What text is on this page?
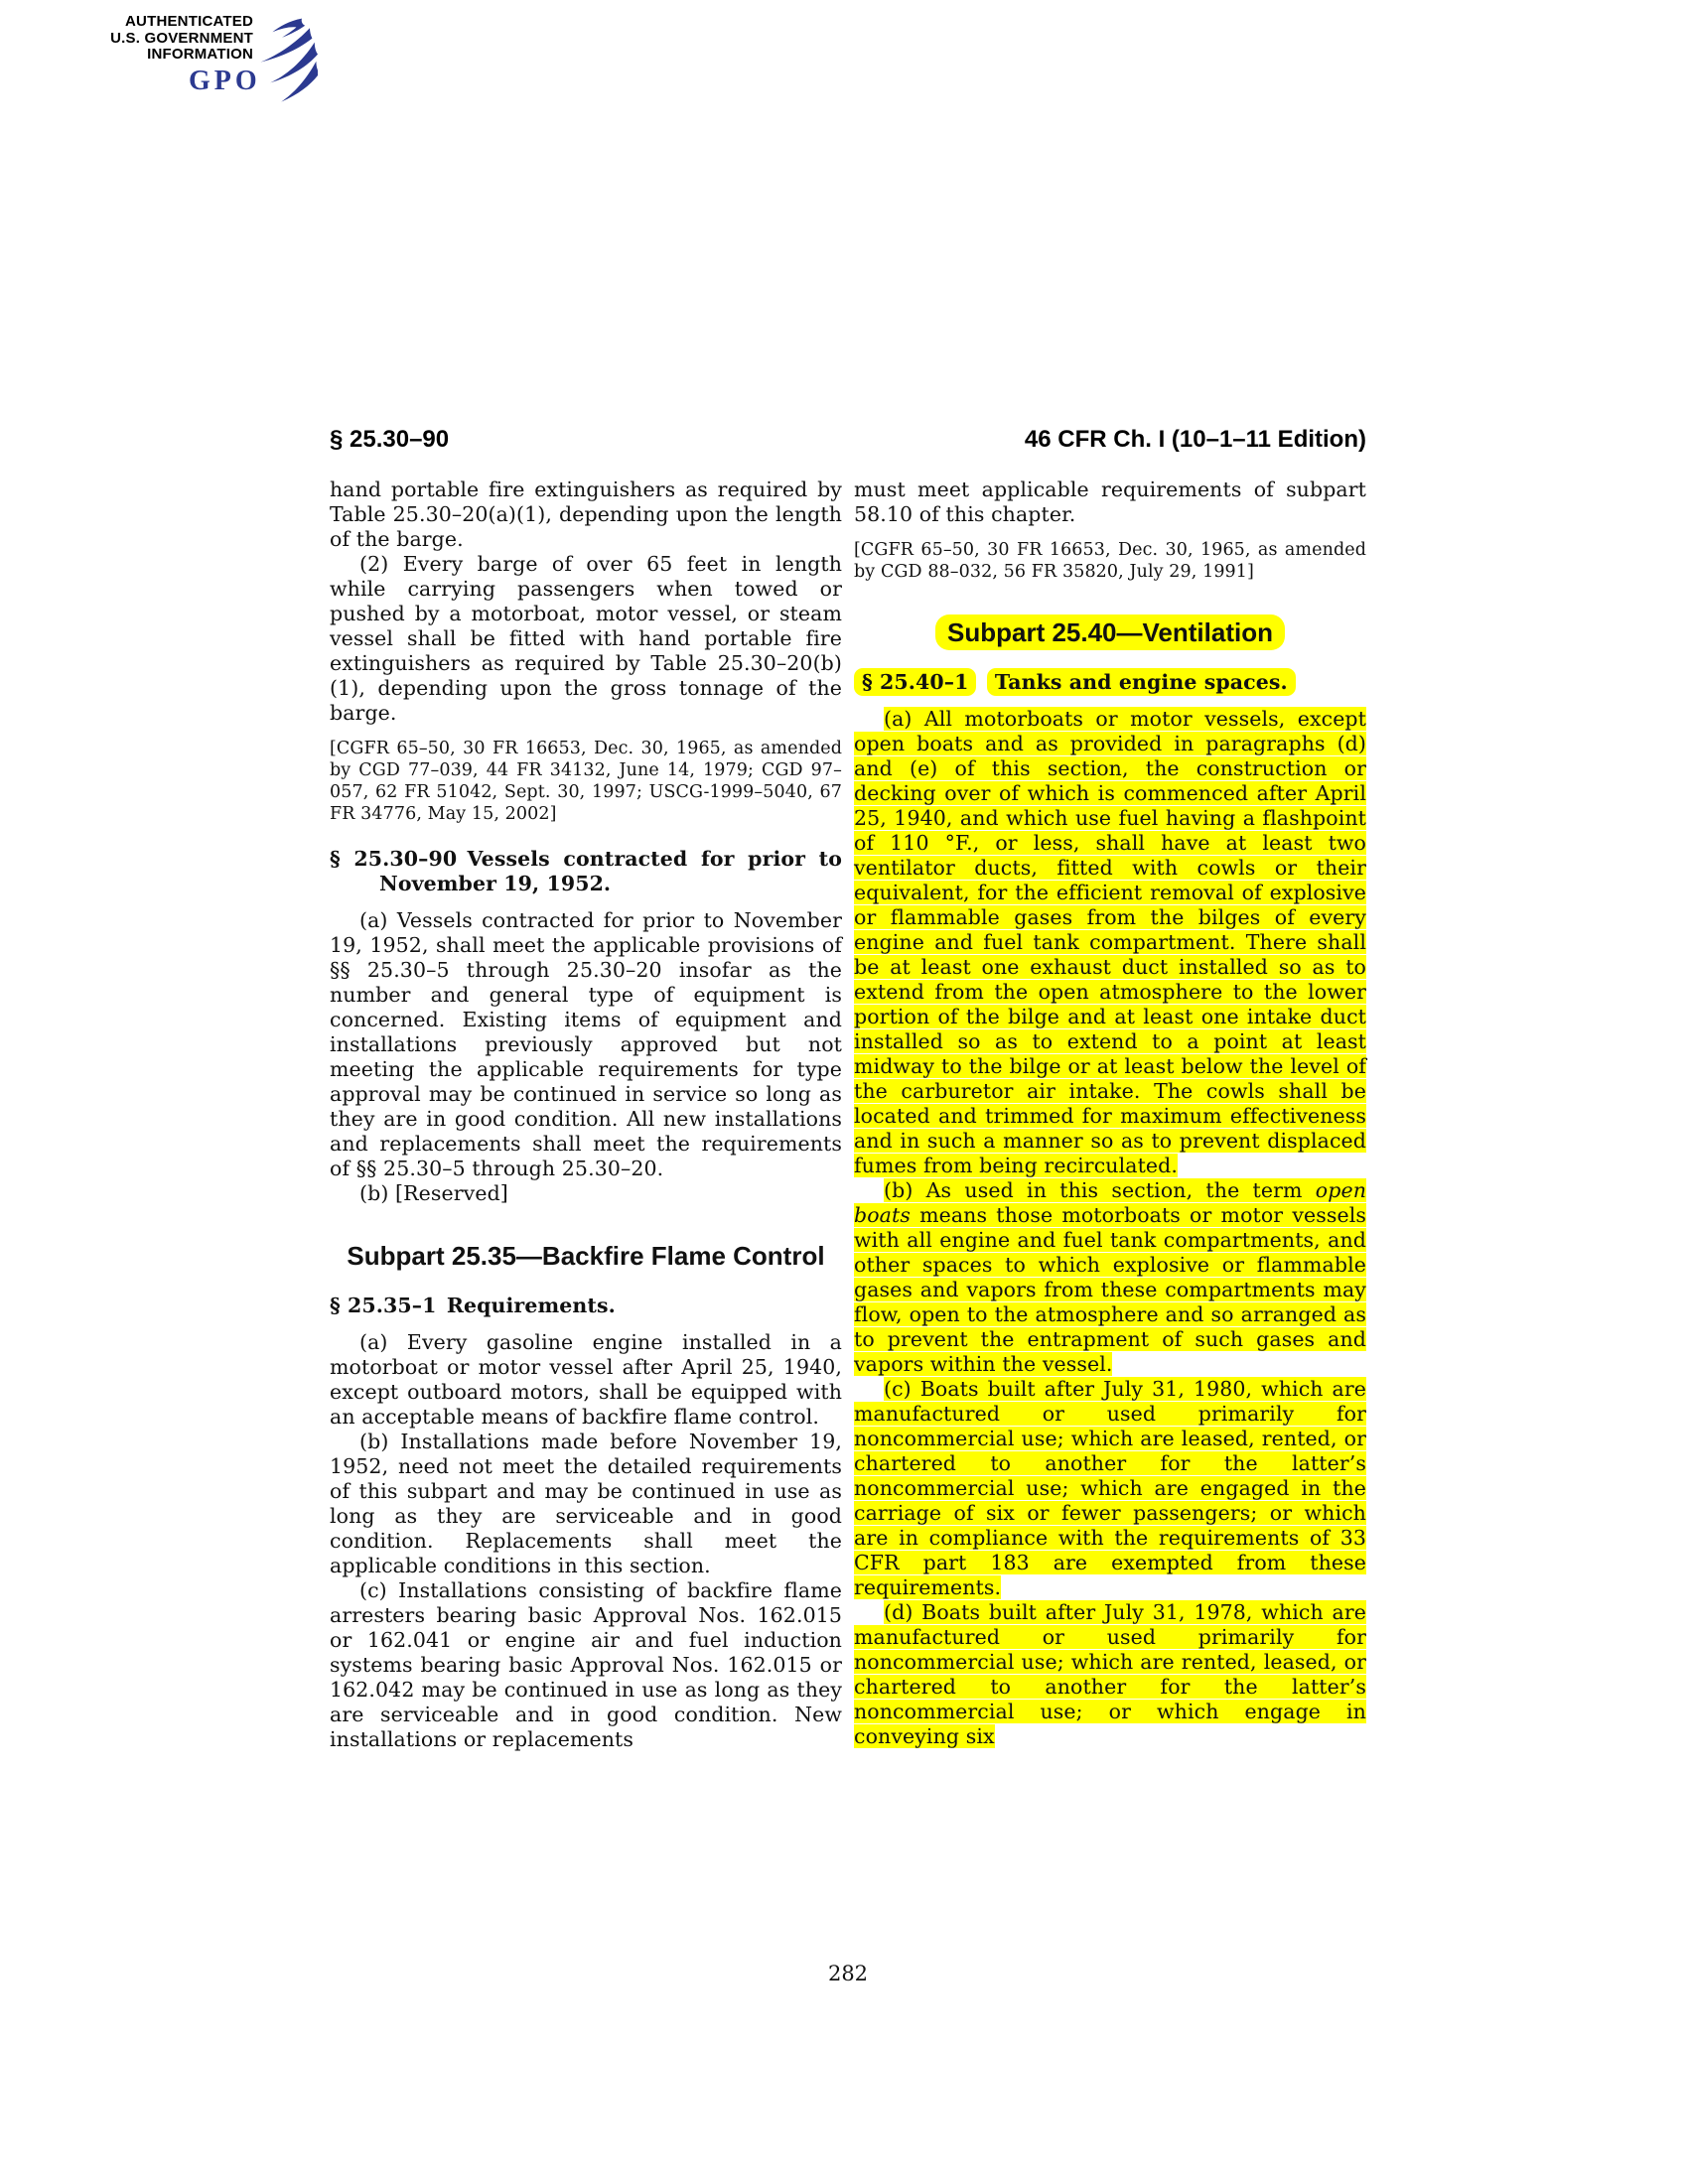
AUTHENTICATED
U.S. GOVERNMENT
INFORMATION
GPO
§ 25.30–90	46 CFR Ch. I (10–1–11 Edition)

hand portable fire extinguishers as required by Table 25.30–20(a)(1), depending upon the length of the barge.

(2) Every barge of over 65 feet in length while carrying passengers when towed or pushed by a motorboat, motor vessel, or steam vessel shall be fitted with hand portable fire extinguishers as required by Table 25.30–20(b)(1), depending upon the gross tonnage of the barge.

[CGFR 65–50, 30 FR 16653, Dec. 30, 1965, as amended by CGD 77–039, 44 FR 34132, June 14, 1979; CGD 97–057, 62 FR 51042, Sept. 30, 1997; USCG-1999–5040, 67 FR 34776, May 15, 2002]

§ 25.30–90 Vessels contracted for prior to November 19, 1952.

(a) Vessels contracted for prior to November 19, 1952, shall meet the applicable provisions of §§ 25.30–5 through 25.30–20 insofar as the number and general type of equipment is concerned. Existing items of equipment and installations previously approved but not meeting the applicable requirements for type approval may be continued in service so long as they are in good condition. All new installations and replacements shall meet the requirements of §§ 25.30–5 through 25.30–20.

(b) [Reserved]

Subpart 25.35—Backfire Flame Control

§ 25.35–1 Requirements.

(a) Every gasoline engine installed in a motorboat or motor vessel after April 25, 1940, except outboard motors, shall be equipped with an acceptable means of backfire flame control.

(b) Installations made before November 19, 1952, need not meet the detailed requirements of this subpart and may be continued in use as long as they are serviceable and in good condition. Replacements shall meet the applicable conditions in this section.

(c) Installations consisting of backfire flame arresters bearing basic Approval Nos. 162.015 or 162.041 or engine air and fuel induction systems bearing basic Approval Nos. 162.015 or 162.042 may be continued in use as long as they are serviceable and in good condition. New installations or replacements

must meet applicable requirements of subpart 58.10 of this chapter.

[CGFR 65–50, 30 FR 16653, Dec. 30, 1965, as amended by CGD 88–032, 56 FR 35820, July 29, 1991]

Subpart 25.40—Ventilation

§ 25.40–1  Tanks and engine spaces.

(a) All motorboats or motor vessels, except open boats and as provided in paragraphs (d) and (e) of this section, the construction or decking over of which is commenced after April 25, 1940, and which use fuel having a flashpoint of 110 °F., or less, shall have at least two ventilator ducts, fitted with cowls or their equivalent, for the efficient removal of explosive or flammable gases from the bilges of every engine and fuel tank compartment. There shall be at least one exhaust duct installed so as to extend from the open atmosphere to the lower portion of the bilge and at least one intake duct installed so as to extend to a point at least midway to the bilge or at least below the level of the carburetor air intake. The cowls shall be located and trimmed for maximum effectiveness and in such a manner so as to prevent displaced fumes from being recirculated.

(b) As used in this section, the term open boats means those motorboats or motor vessels with all engine and fuel tank compartments, and other spaces to which explosive or flammable gases and vapors from these compartments may flow, open to the atmosphere and so arranged as to prevent the entrapment of such gases and vapors within the vessel.

(c) Boats built after July 31, 1980, which are manufactured or used primarily for noncommercial use; which are leased, rented, or chartered to another for the latter’s noncommercial use; which are engaged in the carriage of six or fewer passengers; or which are in compliance with the requirements of 33 CFR part 183 are exempted from these requirements.

(d) Boats built after July 31, 1978, which are manufactured or used primarily for noncommercial use; which are rented, leased, or chartered to another for the latter’s noncommercial use; or which engage in conveying six

282
